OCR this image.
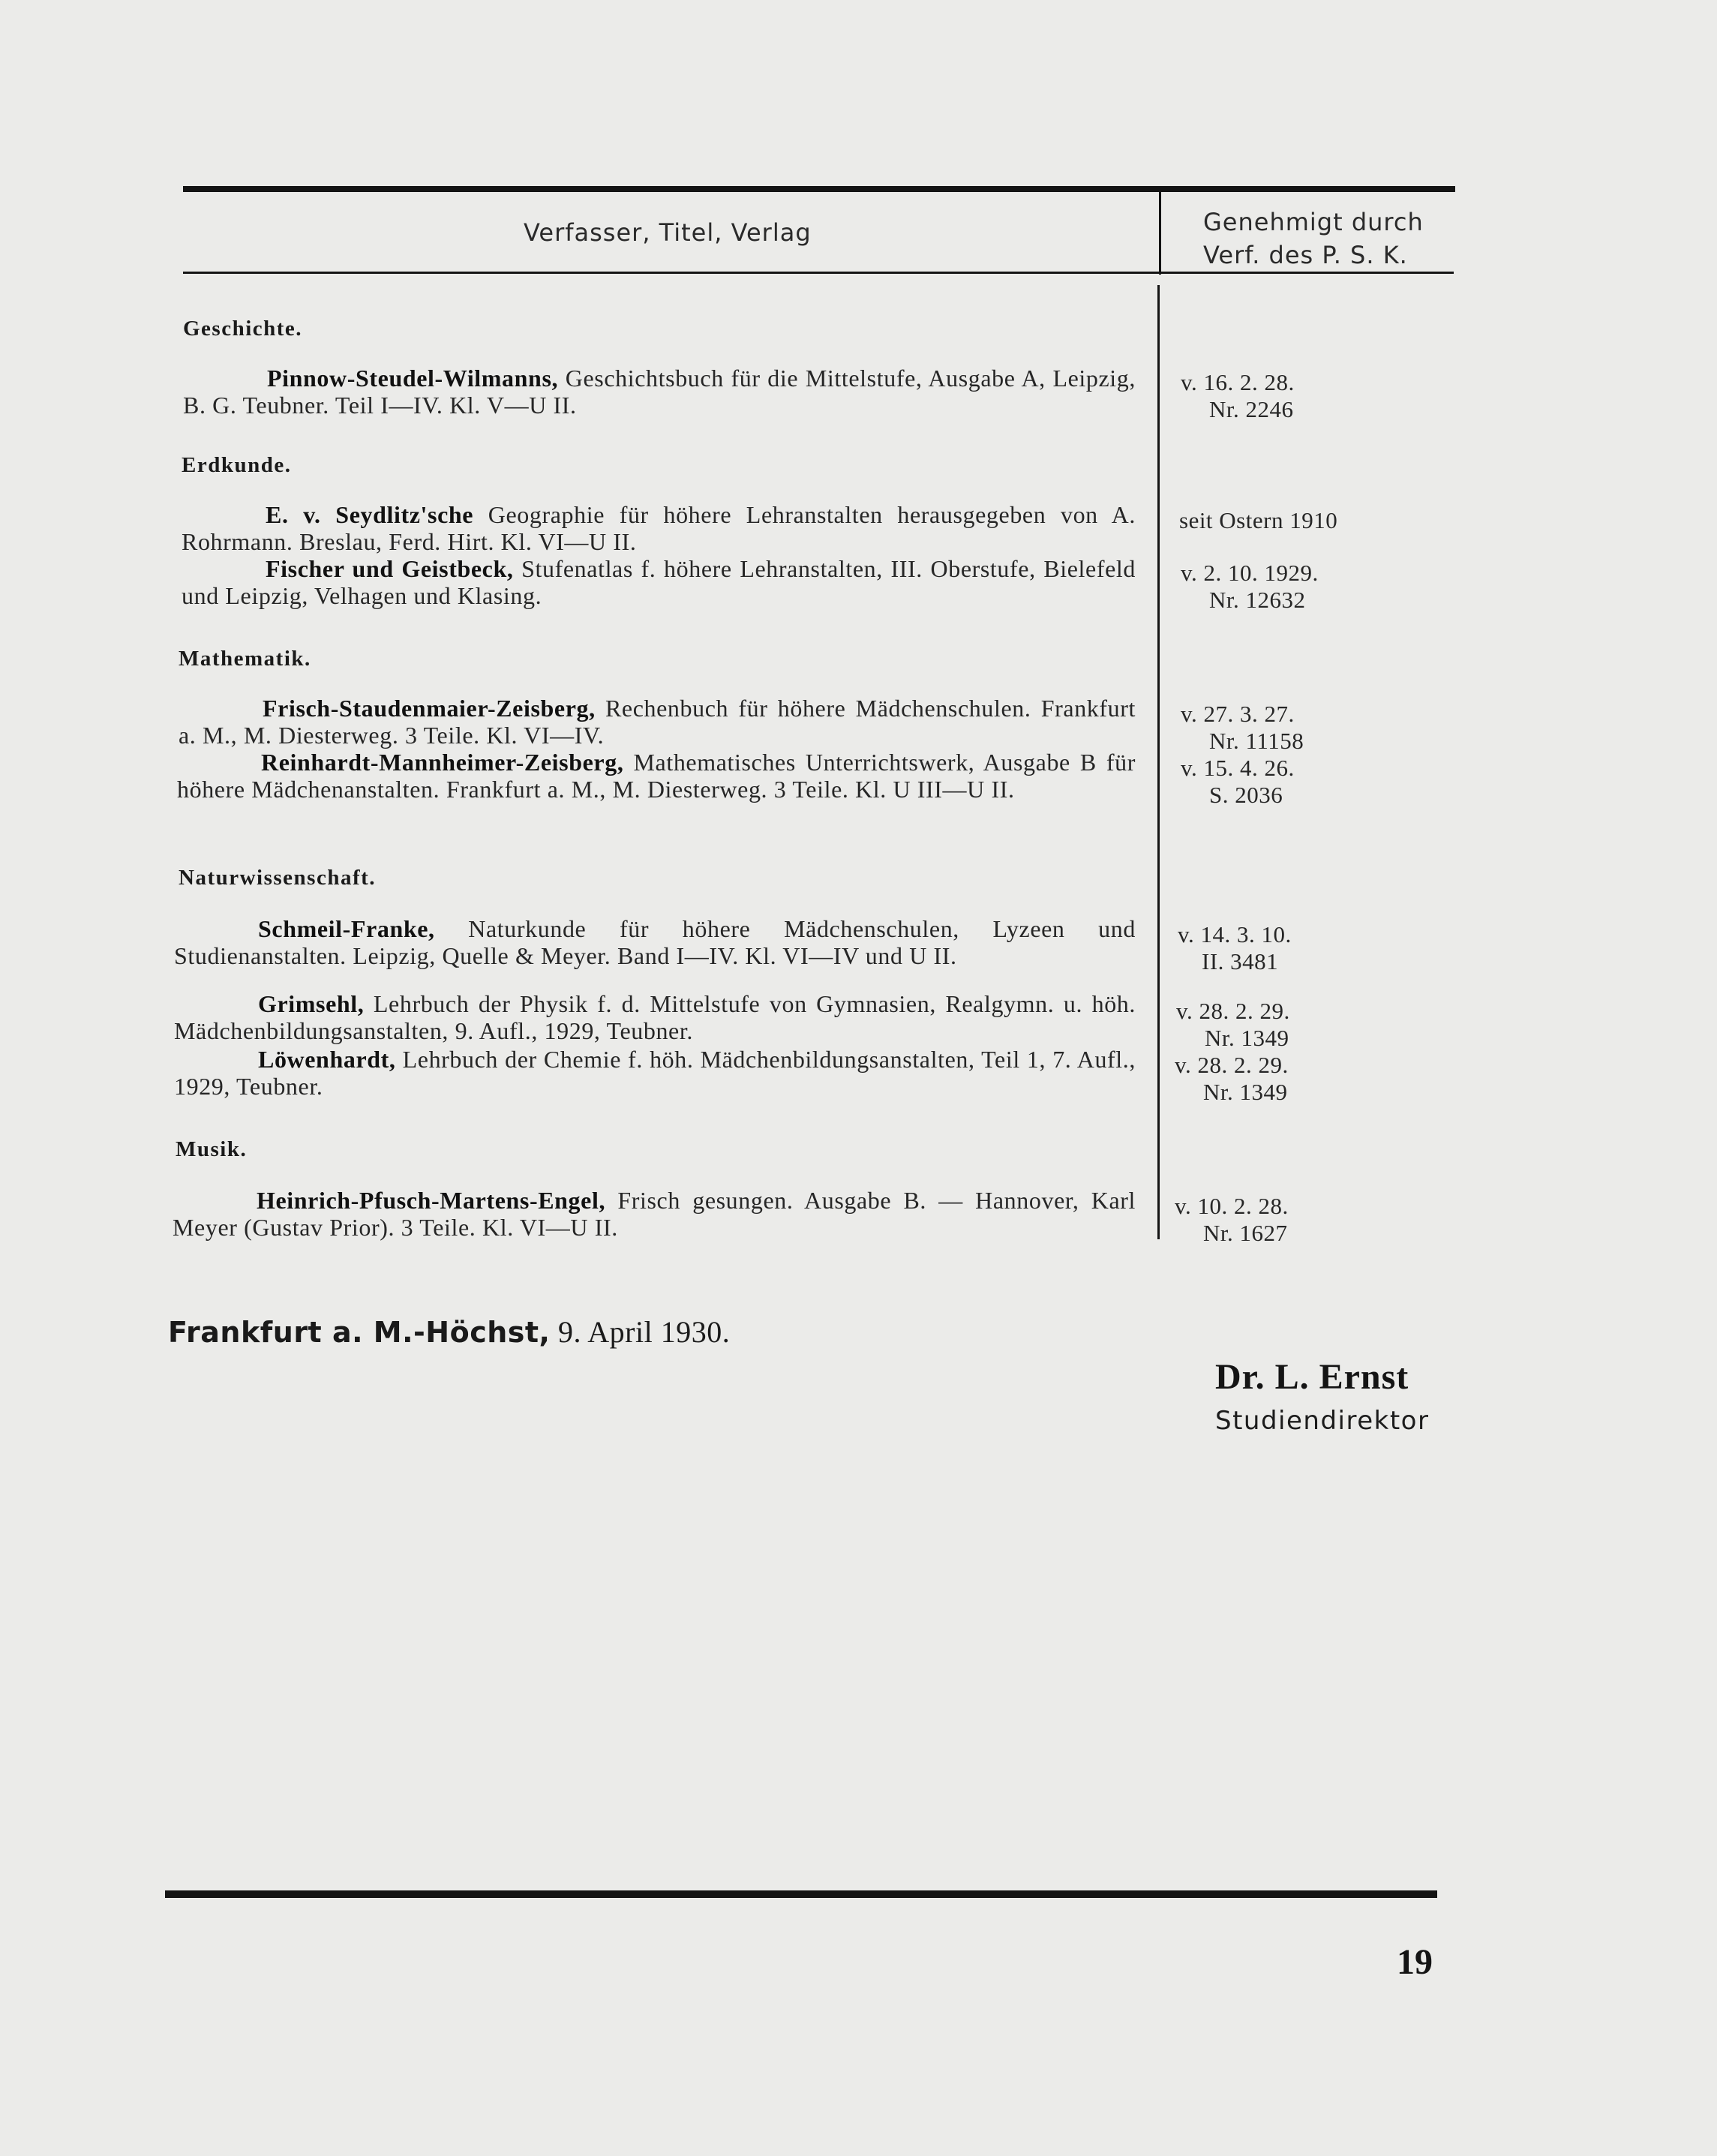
Verfasser, Titel, Verlag	Genehmigt durch
Verf. des P. S. K.
Geschichte.

Pinnow-Steudel-Wilmanns, Geschichtsbuch für die Mittelstufe, Ausgabe A, Leipzig, B. G. Teubner. Teil I—IV. Kl. V—U II.

v. 16. 2. 28.
Nr. 2246
Erdkunde.

E. v. Seydlitz'sche Geographie für höhere Lehranstalten herausgegeben von A. Rohrmann. Breslau, Ferd. Hirt. Kl. VI—U II.

seit Ostern 1910

Fischer und Geistbeck, Stufenatlas f. höhere Lehranstalten, III. Oberstufe, Bielefeld und Leipzig, Velhagen und Klasing.

v. 2. 10. 1929.
Nr. 12632
Mathematik.

Frisch-Staudenmaier-Zeisberg, Rechenbuch für höhere Mädchenschulen. Frankfurt a. M., M. Diesterweg. 3 Teile. Kl. VI—IV.

v. 27. 3. 27.
Nr. 11158

Reinhardt-Mannheimer-Zeisberg, Mathematisches Unterrichtswerk, Ausgabe B für höhere Mädchenanstalten. Frankfurt a. M., M. Diesterweg. 3 Teile. Kl. U III—U II.

v. 15. 4. 26.
S. 2036
Naturwissenschaft.

Schmeil-Franke, Naturkunde für höhere Mädchenschulen, Lyzeen und Studienanstalten. Leipzig, Quelle & Meyer. Band I—IV. Kl. VI—IV und U II.

v. 14. 3. 10.
II. 3481

Grimsehl, Lehrbuch der Physik f. d. Mittelstufe von Gymnasien, Realgymn. u. höh. Mädchenbildungsanstalten, 9. Aufl., 1929, Teubner.

v. 28. 2. 29.
Nr. 1349

Löwenhardt, Lehrbuch der Chemie f. höh. Mädchenbildungsanstalten, Teil 1, 7. Aufl., 1929, Teubner.

v. 28. 2. 29.
Nr. 1349
Musik.

Heinrich-Pfusch-Martens-Engel, Frisch gesungen. Ausgabe B. — Hannover, Karl Meyer (Gustav Prior). 3 Teile. Kl. VI—U II.

v. 10. 2. 28.
Nr. 1627
Frankfurt a. M.-Höchst, 9. April 1930.
Dr. L. Ernst
Studiendirektor
19
